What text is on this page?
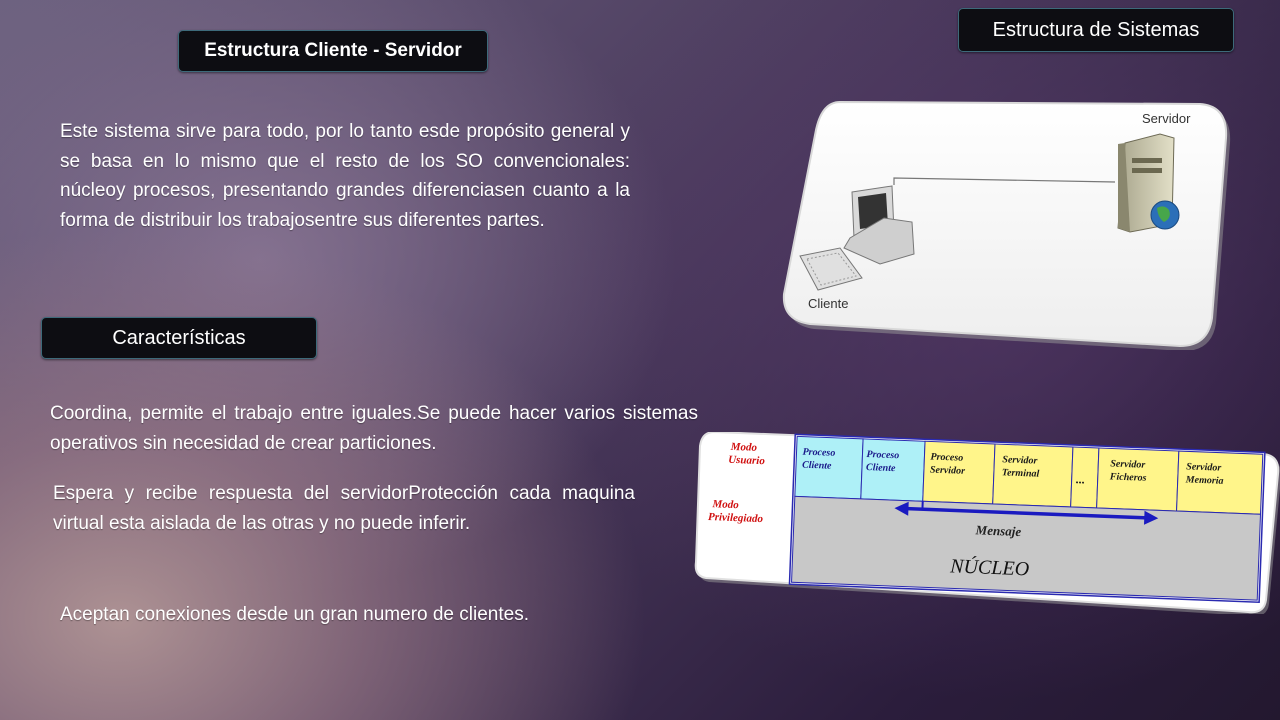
Estructura Cliente - Servidor
Estructura de Sistemas
Características
Este sistema sirve para todo, por lo tanto esde propósito general y se basa en lo mismo que el resto de los SO convencionales: núcleoy procesos, presentando grandes diferenciasen cuanto a la forma de distribuir los trabajosentre sus diferentes partes.
Coordina, permite el trabajo entre iguales.Se puede hacer varios sistemas operativos sin necesidad de crear particiones.
Espera y recibe respuesta del servidorProtección cada maquina virtual esta aislada de las otras y no puede inferir.
Aceptan conexiones desde un gran numero de clientes.
Servidor
Cliente
Modo
Usuario
Modo
Privilegiado
Proceso
Cliente
Proceso
Cliente
Proceso
Servidor
Servidor
Terminal	...
Servidor
Ficheros
Servidor
Memoria
Mensaje
NÚCLEO
